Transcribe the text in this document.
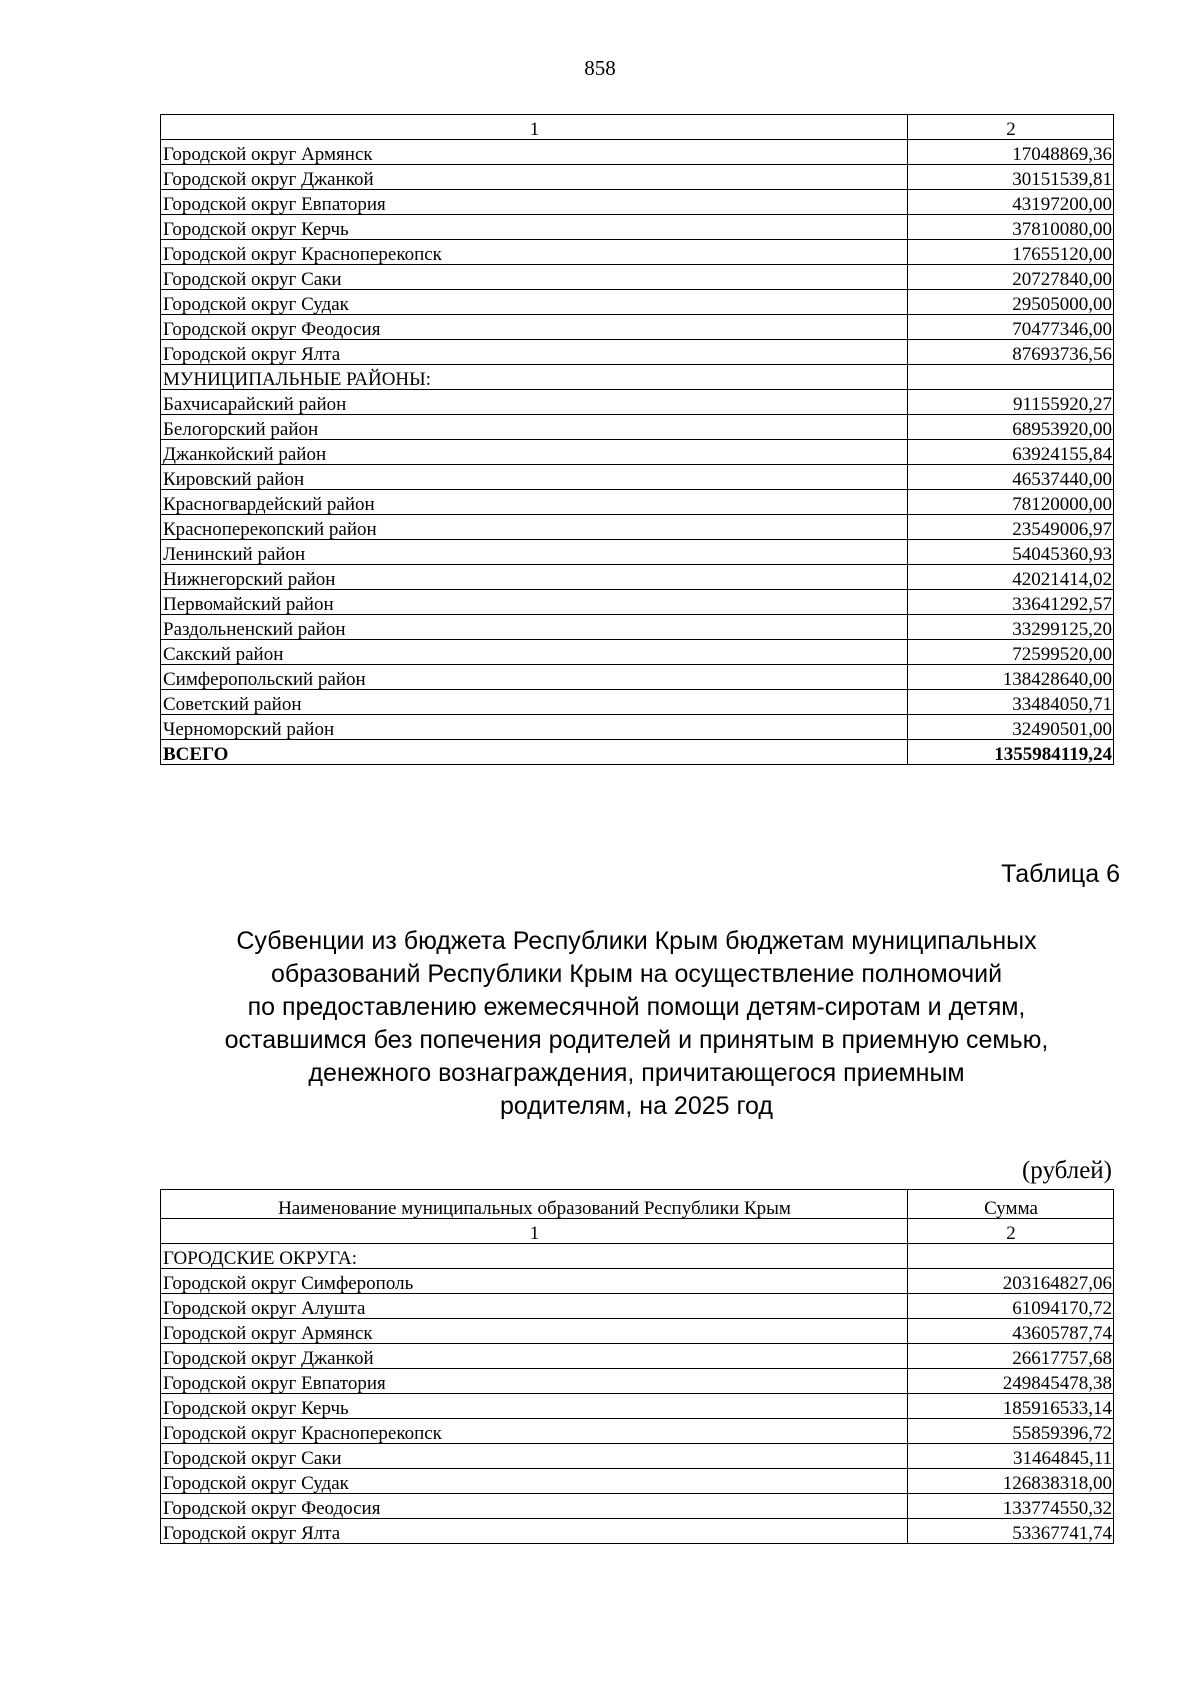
858
1	2
Городской округ Армянск	17048869,36
Городской округ Джанкой	30151539,81
Городской округ Евпатория	43197200,00
Городской округ Керчь	37810080,00
Городской округ Красноперекопск	17655120,00
Городской округ Саки	20727840,00
Городской округ Судак	29505000,00
Городской округ Феодосия	70477346,00
Городской округ Ялта	87693736,56
МУНИЦИПАЛЬНЫЕ РАЙОНЫ:	
Бахчисарайский район	91155920,27
Белогорский район	68953920,00
Джанкойский район	63924155,84
Кировский район	46537440,00
Красногвардейский район	78120000,00
Красноперекопский район	23549006,97
Ленинский район	54045360,93
Нижнегорский район	42021414,02
Первомайский район	33641292,57
Раздольненский район	33299125,20
Сакский район	72599520,00
Симферопольский район	138428640,00
Советский район	33484050,71
Черноморский район	32490501,00
ВСЕГО	1355984119,24
Таблица 6
Субвенции из бюджета Республики Крым бюджетам муниципальных
образований Республики Крым на осуществление полномочий
по предоставлению ежемесячной помощи детям-сиротам и детям,
оставшимся без попечения родителей и принятым в приемную семью,
денежного вознаграждения, причитающегося приемным
родителям, на 2025 год
(рублей)
Наименование муниципальных образований Республики Крым	Сумма
1	2
ГОРОДСКИЕ ОКРУГА:	
Городской округ Симферополь	203164827,06
Городской округ Алушта	61094170,72
Городской округ Армянск	43605787,74
Городской округ Джанкой	26617757,68
Городской округ Евпатория	249845478,38
Городской округ Керчь	185916533,14
Городской округ Красноперекопск	55859396,72
Городской округ Саки	31464845,11
Городской округ Судак	126838318,00
Городской округ Феодосия	133774550,32
Городской округ Ялта	53367741,74
